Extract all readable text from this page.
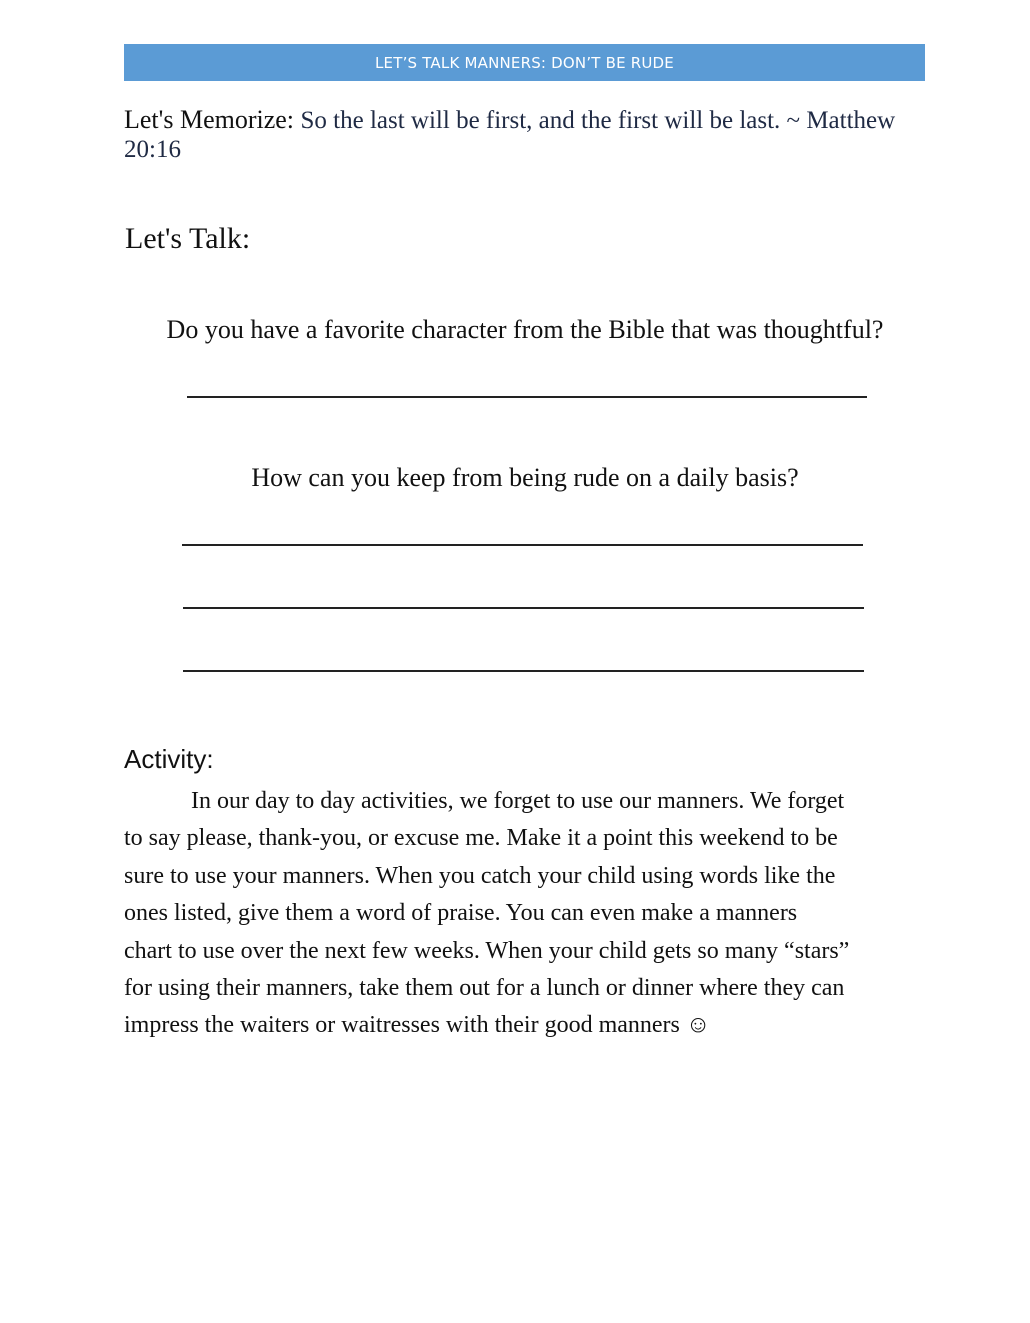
LET’S TALK MANNERS: DON’T BE RUDE
Let's Memorize: So the last will be first, and the first will be last. ~ Matthew 20:16
Let's Talk:
Do you have a favorite character from the Bible that was thoughtful?
How can you keep from being rude on a daily basis?
Activity:
In our day to day activities, we forget to use our manners. We forget
to say please, thank-you, or excuse me. Make it a point this weekend to be
sure to use your manners. When you catch your child using words like the
ones listed, give them a word of praise. You can even make a manners
chart to use over the next few weeks. When your child gets so many “stars”
for using their manners, take them out for a lunch or dinner where they can
impress the waiters or waitresses with their good manners ☺
